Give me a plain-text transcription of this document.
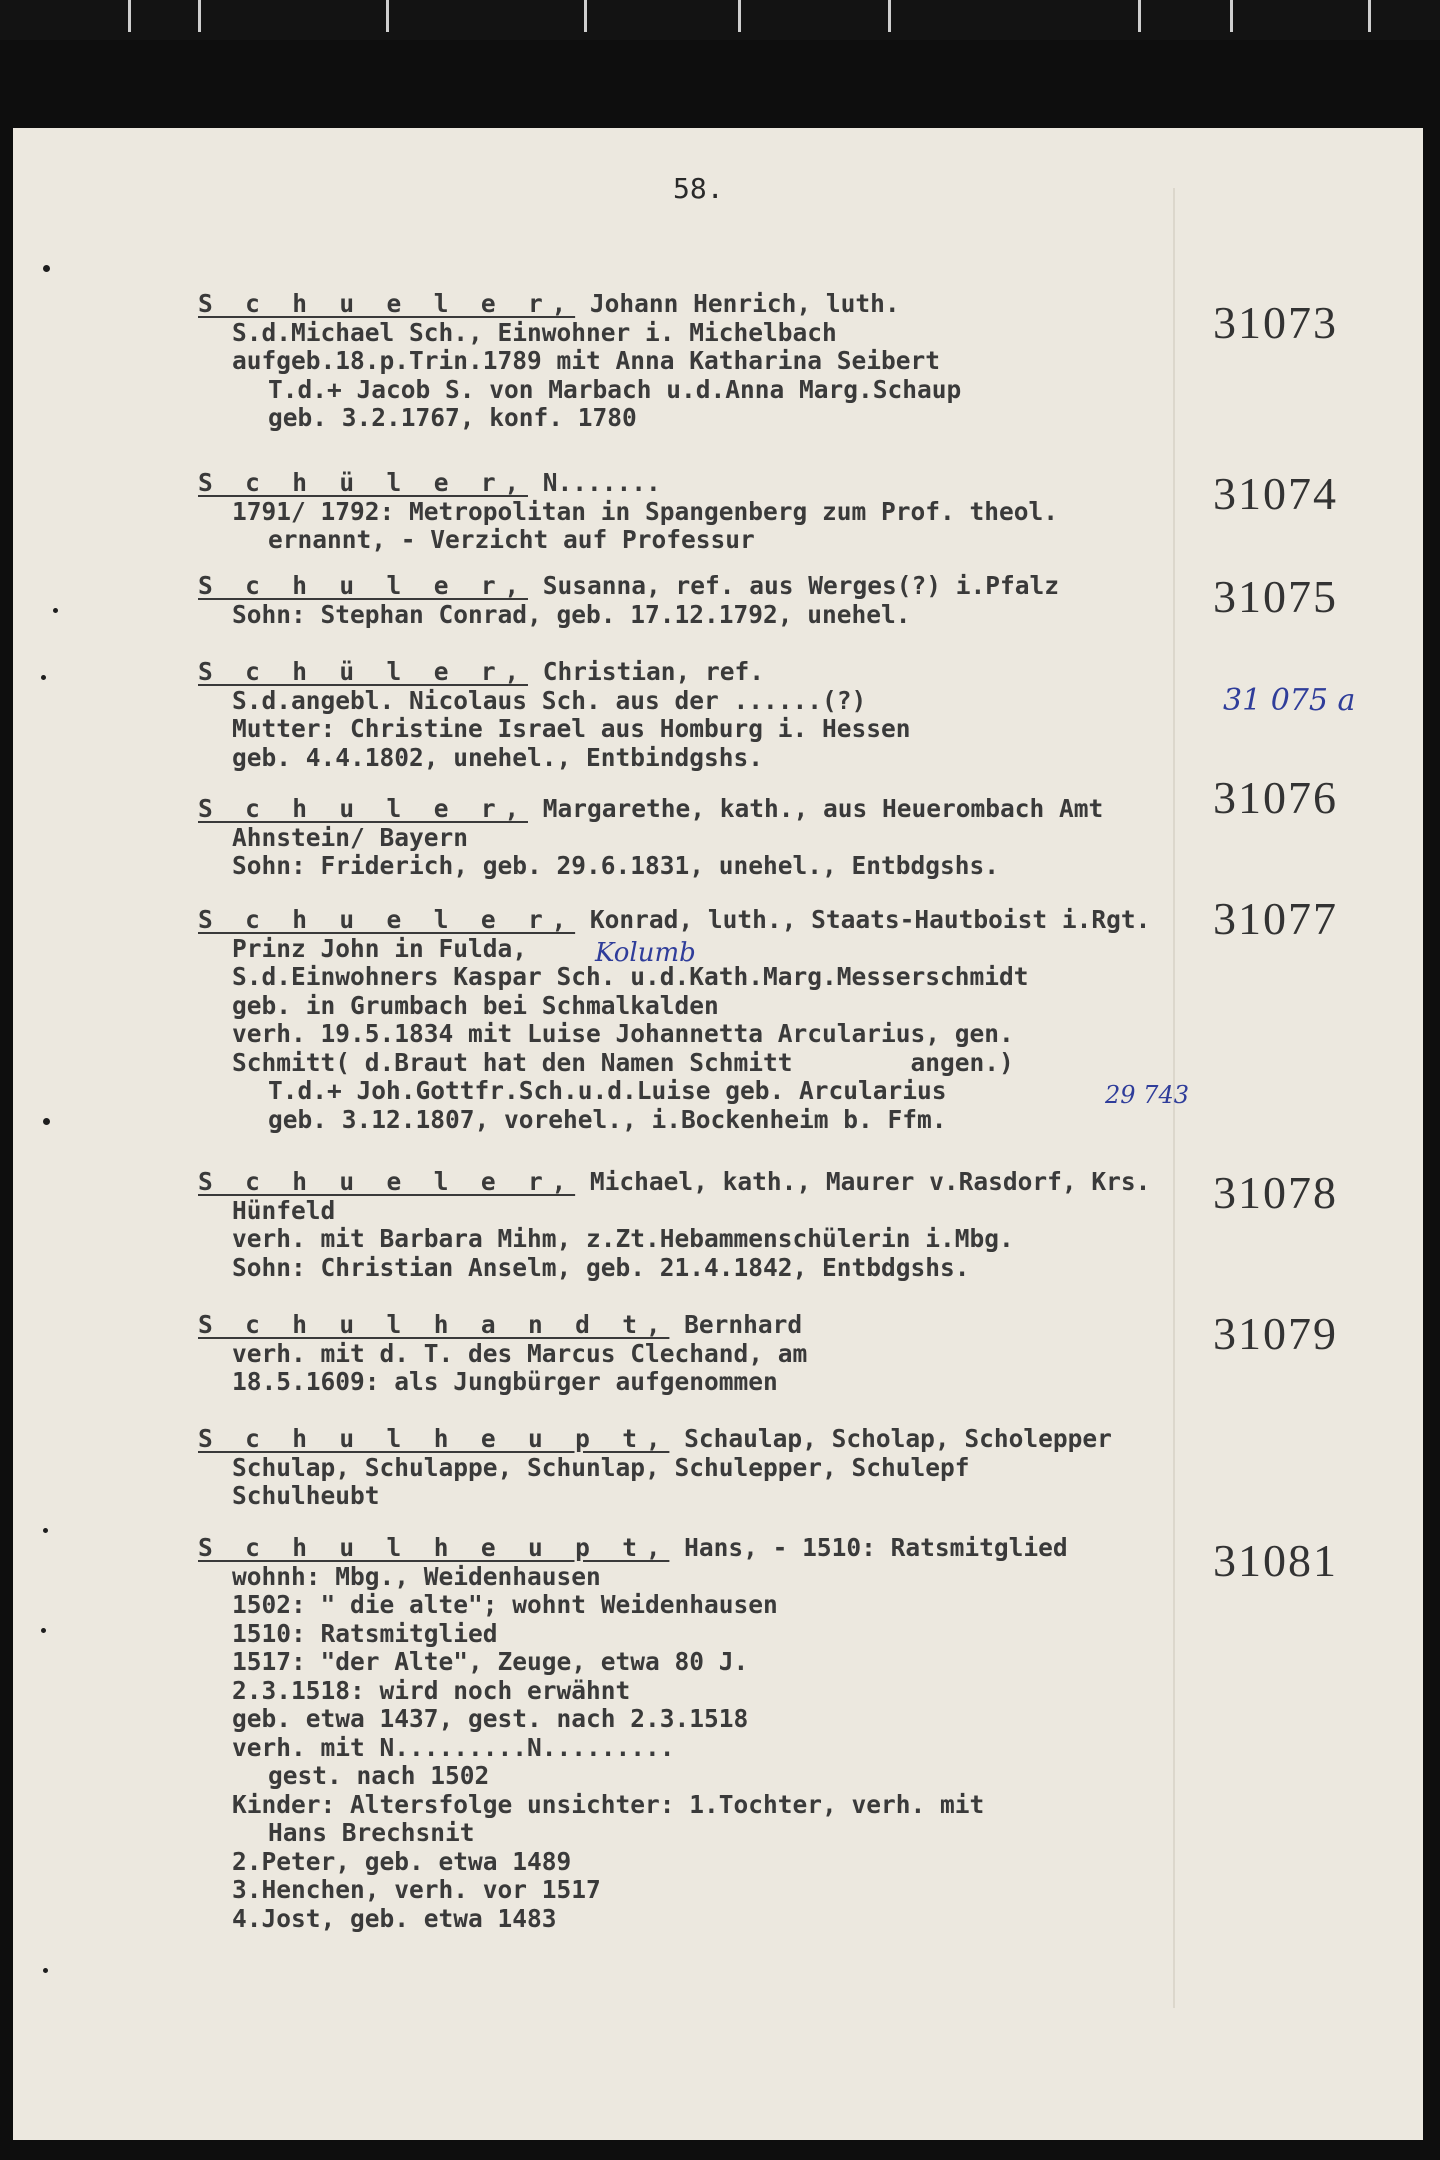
58.
S c h u e l e r, Johann Henrich, luth.
S.d.Michael Sch., Einwohner i. Michelbach
aufgeb.18.p.Trin.1789 mit Anna Katharina Seibert
T.d.+ Jacob S. von Marbach u.d.Anna Marg.Schaup
geb. 3.2.1767, konf. 1780
31073
S c h ü l e r, N.......
1791/ 1792: Metropolitan in Spangenberg zum Prof. theol.
ernannt, - Verzicht auf Professur
31074
S c h u l e r, Susanna, ref. aus Werges(?) i.Pfalz
Sohn: Stephan Conrad, geb. 17.12.1792, unehel.	31075
S c h ü l e r, Christian, ref.
S.d.angebl. Nicolaus Sch. aus der ......(?)
Mutter: Christine Israel aus Homburg i. Hessen
geb. 4.4.1802, unehel., Entbindgshs.
S c h u l e r, Margarethe, kath., aus Heuerombach Amt
Ahnstein/ Bayern
Sohn: Friderich, geb. 29.6.1831, unehel., Entbdgshs.
31076
S c h u e l e r, Konrad, luth., Staats-Hautboist i.Rgt.
Prinz John in Fulda,
S.d.Einwohners Kaspar Sch. u.d.Kath.Marg.Messerschmidt
geb. in Grumbach bei Schmalkalden
verh. 19.5.1834 mit Luise Johannetta Arcularius, gen.
Schmitt( d.Braut hat den Namen Schmitt        angen.)
T.d.+ Joh.Gottfr.Sch.u.d.Luise geb. Arcularius
geb. 3.12.1807, vorehel., i.Bockenheim b. Ffm.
31077
S c h u e l e r, Michael, kath., Maurer v.Rasdorf, Krs.
Hünfeld
verh. mit Barbara Mihm, z.Zt.Hebammenschülerin i.Mbg.
Sohn: Christian Anselm, geb. 21.4.1842, Entbdgshs.
31078
S c h u l h a n d t, Bernhard
verh. mit d. T. des Marcus Clechand, am
18.5.1609: als Jungbürger aufgenommen
31079
S c h u l h e u p t, Schaulap, Scholap, Scholepper
Schulap, Schulappe, Schunlap, Schulepper, Schulepf
Schulheubt
S c h u l h e u p t, Hans, - 1510: Ratsmitglied
wohnh: Mbg., Weidenhausen
1502: " die alte"; wohnt Weidenhausen
1510: Ratsmitglied
1517: "der Alte", Zeuge, etwa 80 J.
2.3.1518: wird noch erwähnt
geb. etwa 1437, gest. nach 2.3.1518
verh. mit N.........N.........
gest. nach 1502
Kinder: Altersfolge unsichter: 1.Tochter, verh. mit
Hans Brechsnit
2.Peter, geb. etwa 1489
3.Henchen, verh. vor 1517
4.Jost, geb. etwa 1483
31081
31 075 a
Kolumb
29 743
